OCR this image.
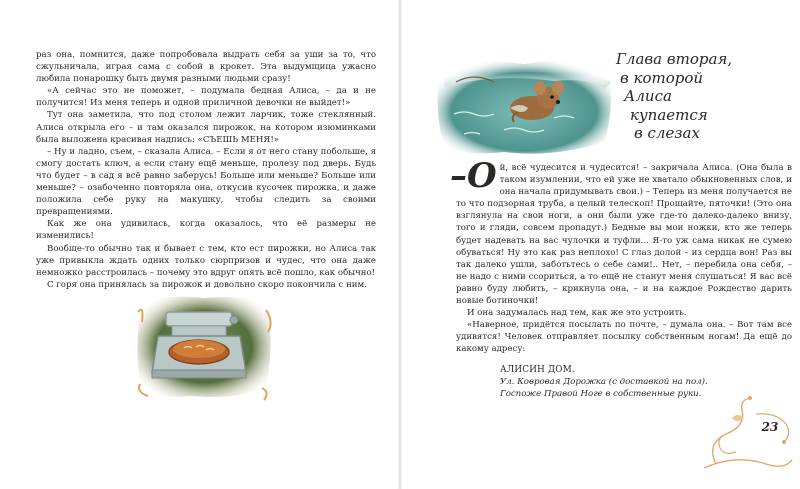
раз она, помнится, даже попробовала выдрать себя за уши за то, что сжульничала, играя сама с собой в крокет. Эта выдумщица ужасно любила понарошку быть двумя разными людьми сразу!

«А сейчас это не поможет, – подумала бедная Алиса, – да и не получится! Из меня теперь и одной приличной девочки не выйдет!»

Тут она заметила, что под столом лежит ларчик, тоже стеклянный. Алиса открыла его – и там оказался пирожок, на котором изюминками была выложена красивая надпись: «СЪЕШЬ МЕНЯ!»

– Ну и ладно, съем, – сказала Алиса. – Если я от него стану побольше, я смогу достать ключ, а если стану ещё меньше, пролезу под дверь. Будь что будет – в сад я всё равно заберусь! Больше или меньше? Больше или меньше? – озабоченно повторяла она, откусив кусочек пирожка, и даже положила себе руку на макушку, чтобы следить за своими превращениями.

Как же она удивилась, когда оказалось, что её размеры не изменились!

Вообще-то обычно так и бывает с тем, кто ест пирожки, но Алиса так уже привыкла ждать одних только сюрпризов и чудес, что она даже немножко расстроилась – почему это вдруг опять всё пошло, как обычно!

С горя она принялась за пирожок и довольно скоро покончила с ним.

Глава вторая,
в которой
Алиса
купается
в слезах

–О й, всё чудесится и чудесится! – закричала Алиса. (Она была в таком изумлении, что ей уже не хватало обыкновенных слов, и она начала придумывать свои.) – Теперь из меня получается не то что подзорная труба, а целый телескоп! Прощайте, пяточки! (Это она взглянула на свои ноги, а они были уже где-то далеко-далеко внизу, того и гляди, совсем пропадут.) Бедные вы мои ножки, кто же теперь будет надевать на вас чулочки и туфли... Я-то уж сама никак не сумею обуваться! Ну это как раз неплохо! С глаз долой – из сердца вон! Раз вы так далеко ушли, заботьтесь о себе сами!.. Нет, – перебила она себя, – не надо с ними ссориться, а то ещё не станут меня слушаться! Я вас всё равно буду любить, – крикнула она, – и на каждое Рождество дарить новые ботиночки!

И она задумалась над тем, как же это устроить.

«Наверное, придётся посылать по почте, – думала она. – Вот там все удивятся! Человек отправляет посылку собственным ногам! Да ещё до какому адресу:

АЛИСИН ДОМ.
Ул. Ковровая Дорожка (с доставкой на пол).
Госпоже Правой Ноге в собственные руки.
23
